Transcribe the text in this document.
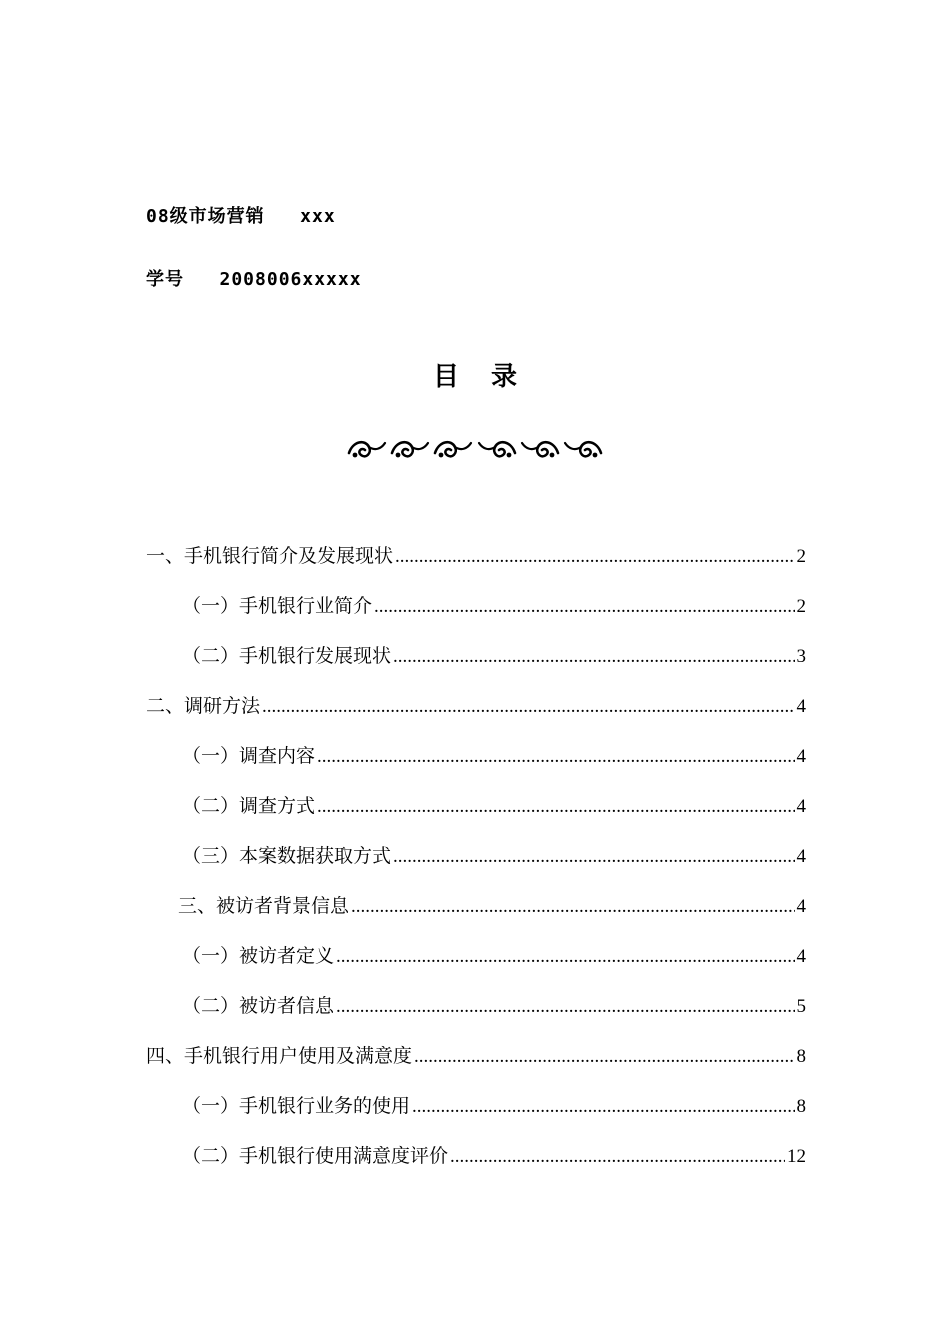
08级市场营销   xxx
学号   2008006xxxxx
目录
一、手机银行简介及发展现状 .....	2
（一）手机银行业简介 .....	2
（二）手机银行发展现状 .....	3
二、调研方法 .....	4
（一）调查内容 .....	4
（二）调查方式 .....	4
（三）本案数据获取方式 .....	4
三、被访者背景信息 .....	4
（一）被访者定义 .....	4
（二）被访者信息 .....	5
四、手机银行用户使用及满意度 .....	8
（一）手机银行业务的使用 .....	8
（二）手机银行使用满意度评价 .....	12
